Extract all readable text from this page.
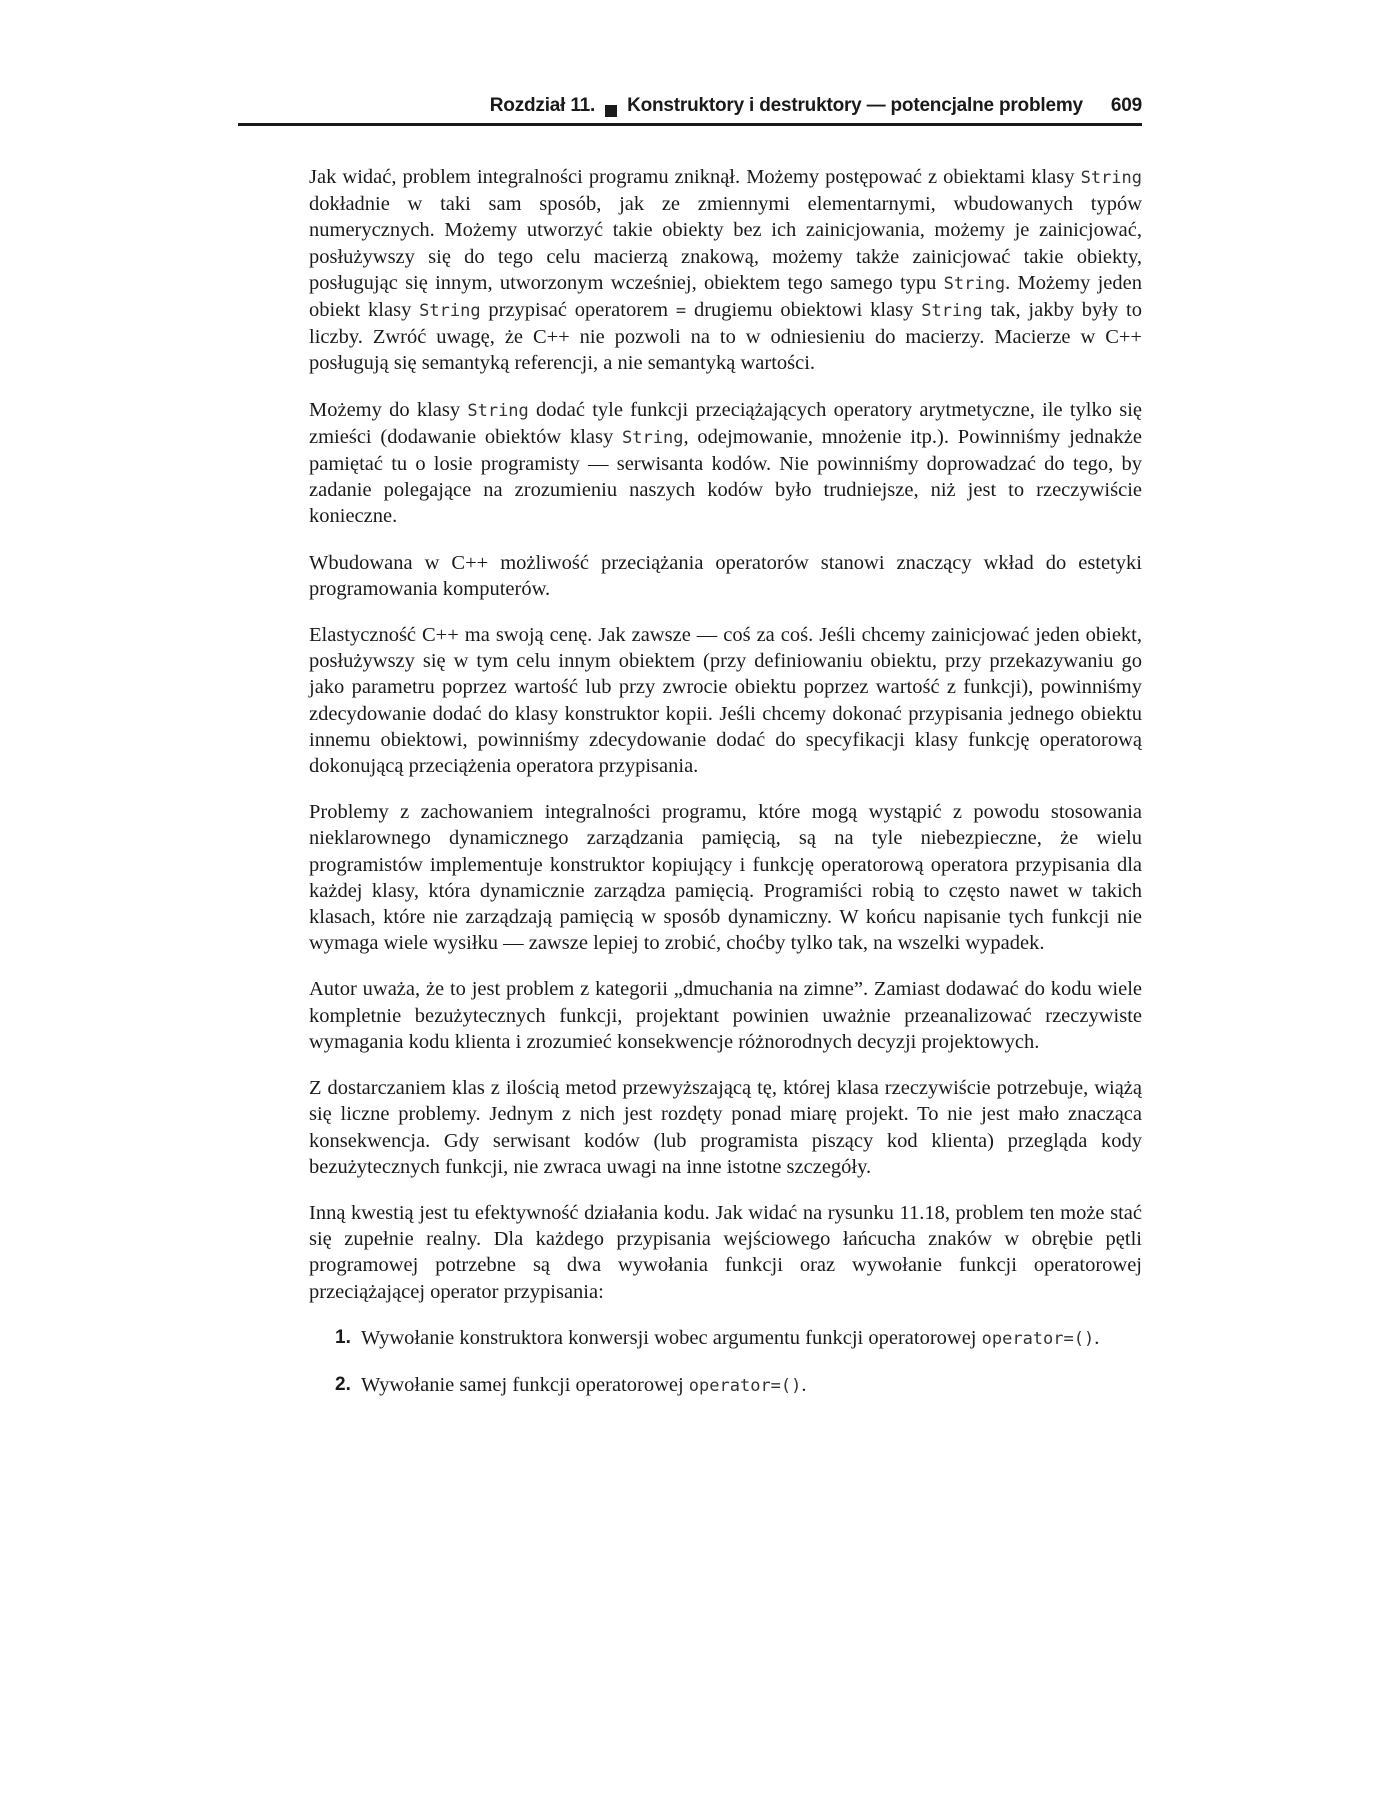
Rozdział 11. Konstruktory i destruktory — potencjalne problemy 609

Jak widać, problem integralności programu zniknął. Możemy postępować z obiektami klasy String dokładnie w taki sam sposób, jak ze zmiennymi elementarnymi, wbudowanych typów numerycznych. Możemy utworzyć takie obiekty bez ich zainicjowania, możemy je zainicjować, posłużywszy się do tego celu macierzą znakową, możemy także zainicjować takie obiekty, posługując się innym, utworzonym wcześniej, obiektem tego samego typu String. Możemy jeden obiekt klasy String przypisać operatorem = drugiemu obiektowi klasy String tak, jakby były to liczby. Zwróć uwagę, że C++ nie pozwoli na to w odniesieniu do macierzy. Macierze w C++ posługują się semantyką referencji, a nie semantyką wartości.

Możemy do klasy String dodać tyle funkcji przeciążających operatory arytmetyczne, ile tylko się zmieści (dodawanie obiektów klasy String, odejmowanie, mnożenie itp.). Powinniśmy jednakże pamiętać tu o losie programisty — serwisanta kodów. Nie powinniśmy doprowadzać do tego, by zadanie polegające na zrozumieniu naszych kodów było trudniejsze, niż jest to rzeczywiście konieczne.

Wbudowana w C++ możliwość przeciążania operatorów stanowi znaczący wkład do estetyki programowania komputerów.

Elastyczność C++ ma swoją cenę. Jak zawsze — coś za coś. Jeśli chcemy zainicjować jeden obiekt, posłużywszy się w tym celu innym obiektem (przy definiowaniu obiektu, przy przekazywaniu go jako parametru poprzez wartość lub przy zwrocie obiektu poprzez wartość z funkcji), powinniśmy zdecydowanie dodać do klasy konstruktor kopii. Jeśli chcemy dokonać przypisania jednego obiektu innemu obiektowi, powinniśmy zdecydowanie dodać do specyfikacji klasy funkcję operatorową dokonującą przeciążenia operatora przypisania.

Problemy z zachowaniem integralności programu, które mogą wystąpić z powodu stosowania nieklarownego dynamicznego zarządzania pamięcią, są na tyle niebezpieczne, że wielu programistów implementuje konstruktor kopiujący i funkcję operatorową operatora przypisania dla każdej klasy, która dynamicznie zarządza pamięcią. Programiści robią to często nawet w takich klasach, które nie zarządzają pamięcią w sposób dynamiczny. W końcu napisanie tych funkcji nie wymaga wiele wysiłku — zawsze lepiej to zrobić, choćby tylko tak, na wszelki wypadek.

Autor uważa, że to jest problem z kategorii „dmuchania na zimne”. Zamiast dodawać do kodu wiele kompletnie bezużytecznych funkcji, projektant powinien uważnie przeanalizować rzeczywiste wymagania kodu klienta i zrozumieć konsekwencje różnorodnych decyzji projektowych.

Z dostarczaniem klas z ilością metod przewyższającą tę, której klasa rzeczywiście potrzebuje, wiążą się liczne problemy. Jednym z nich jest rozdęty ponad miarę projekt. To nie jest mało znacząca konsekwencja. Gdy serwisant kodów (lub programista piszący kod klienta) przegląda kody bezużytecznych funkcji, nie zwraca uwagi na inne istotne szczegóły.

Inną kwestią jest tu efektywność działania kodu. Jak widać na rysunku 11.18, problem ten może stać się zupełnie realny. Dla każdego przypisania wejściowego łańcucha znaków w obrębie pętli programowej potrzebne są dwa wywołania funkcji oraz wywołanie funkcji operatorowej przeciążającej operator przypisania:

1. Wywołanie konstruktora konwersji wobec argumentu funkcji operatorowej operator=().
2. Wywołanie samej funkcji operatorowej operator=().
